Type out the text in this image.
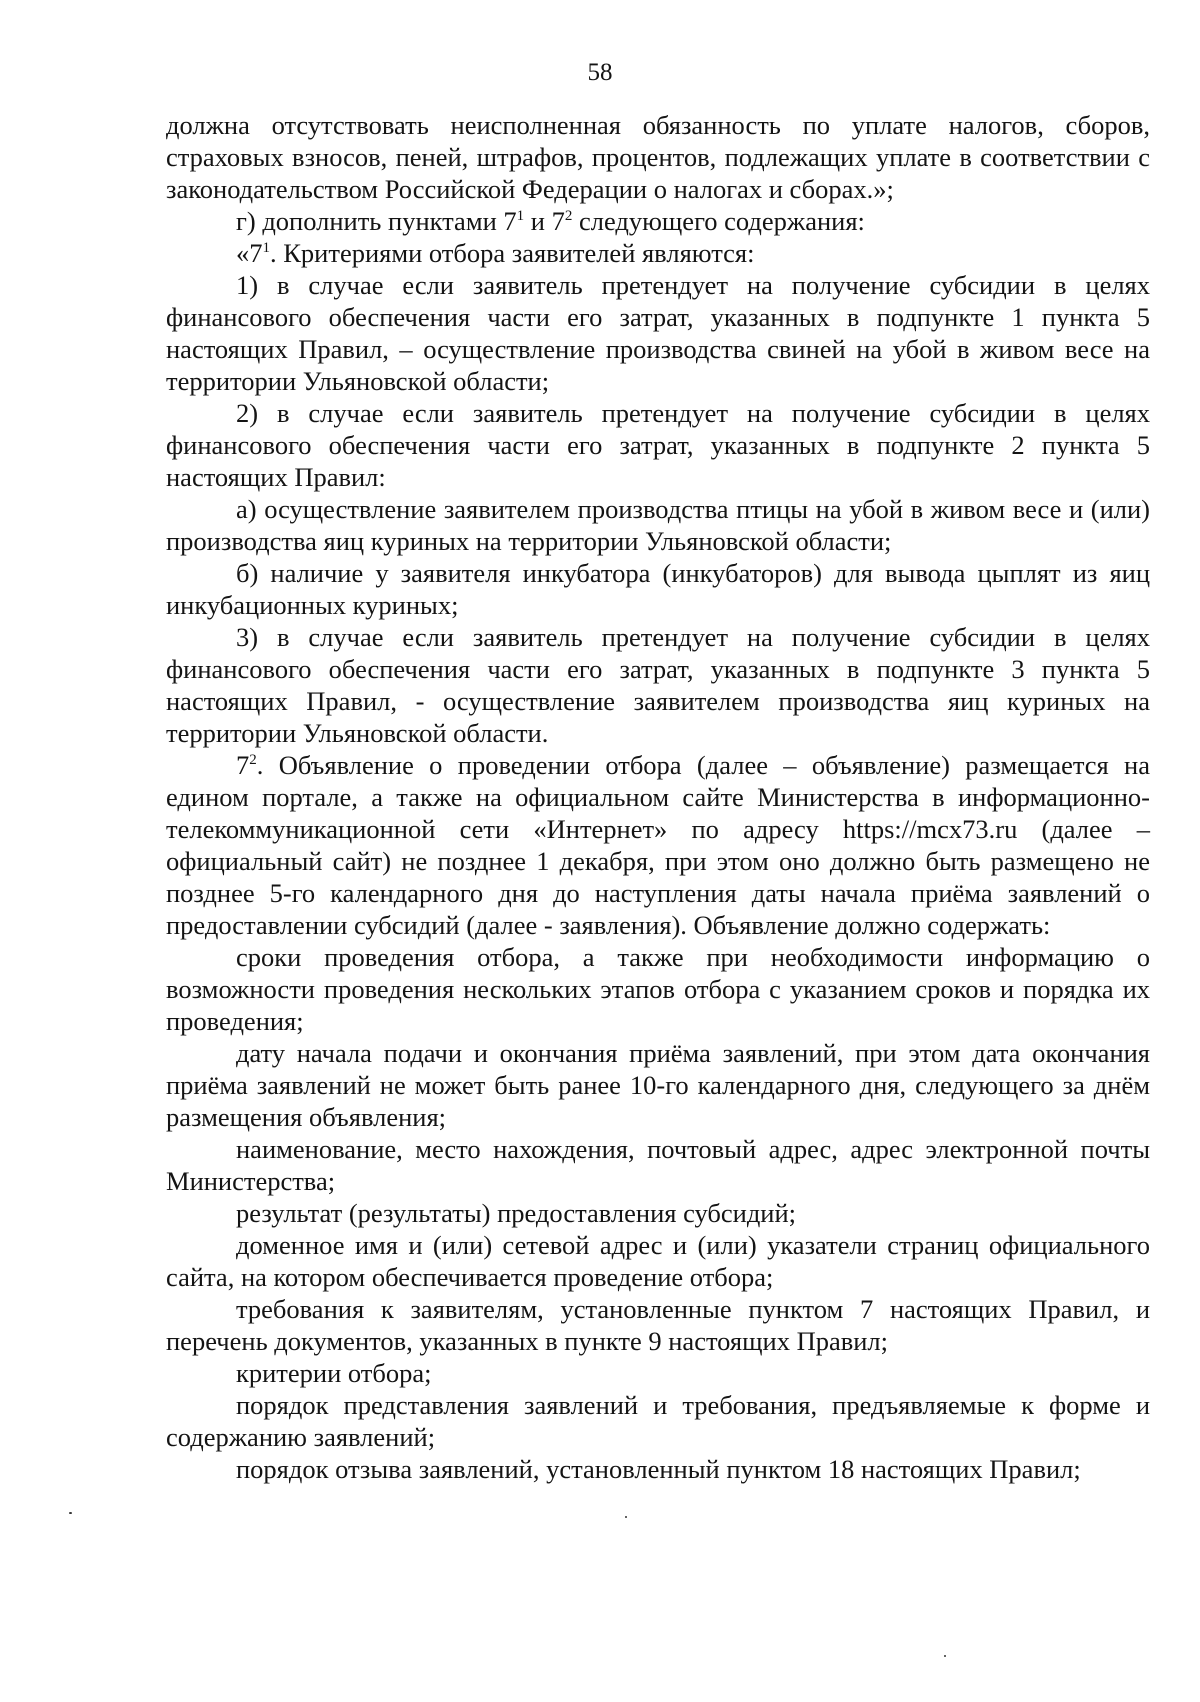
58

должна отсутствовать неисполненная обязанность по уплате налогов, сборов, страховых взносов, пеней, штрафов, процентов, подлежащих уплате в соответствии с законодательством Российской Федерации о налогах и сборах.»;

г) дополнить пунктами $7^1$ и $7^2$ следующего содержания:

«$7^1$. Критериями отбора заявителей являются:

1) в случае если заявитель претендует на получение субсидии в целях финансового обеспечения части его затрат, указанных в подпункте 1 пункта 5 настоящих Правил, – осуществление производства свиней на убой в живом весе на территории Ульяновской области;

2) в случае если заявитель претендует на получение субсидии в целях финансового обеспечения части его затрат, указанных в подпункте 2 пункта 5 настоящих Правил:

а) осуществление заявителем производства птицы на убой в живом весе и (или) производства яиц куриных на территории Ульяновской области;

б) наличие у заявителя инкубатора (инкубаторов) для вывода цыплят из яиц инкубационных куриных;

3) в случае если заявитель претендует на получение субсидии в целях финансового обеспечения части его затрат, указанных в подпункте 3 пункта 5 настоящих Правил, - осуществление заявителем производства яиц куриных на территории Ульяновской области.

$7^2$. Объявление о проведении отбора (далее – объявление) размещается на едином портале, а также на официальном сайте Министерства в информационно-телекоммуникационной сети «Интернет» по адресу https://mcx73.ru (далее – официальный сайт) не позднее 1 декабря, при этом оно должно быть размещено не позднее 5-го календарного дня до наступления даты начала приёма заявлений о предоставлении субсидий (далее - заявления). Объявление должно содержать:

сроки проведения отбора, а также при необходимости информацию о возможности проведения нескольких этапов отбора с указанием сроков и порядка их проведения;

дату начала подачи и окончания приёма заявлений, при этом дата окончания приёма заявлений не может быть ранее 10-го календарного дня, следующего за днём размещения объявления;

наименование, место нахождения, почтовый адрес, адрес электронной почты Министерства;

результат (результаты) предоставления субсидий;

доменное имя и (или) сетевой адрес и (или) указатели страниц официального сайта, на котором обеспечивается проведение отбора;

требования к заявителям, установленные пунктом 7 настоящих Правил, и перечень документов, указанных в пункте 9 настоящих Правил;

критерии отбора;

порядок представления заявлений и требования, предъявляемые к форме и содержанию заявлений;

порядок отзыва заявлений, установленный пунктом 18 настоящих Правил;
